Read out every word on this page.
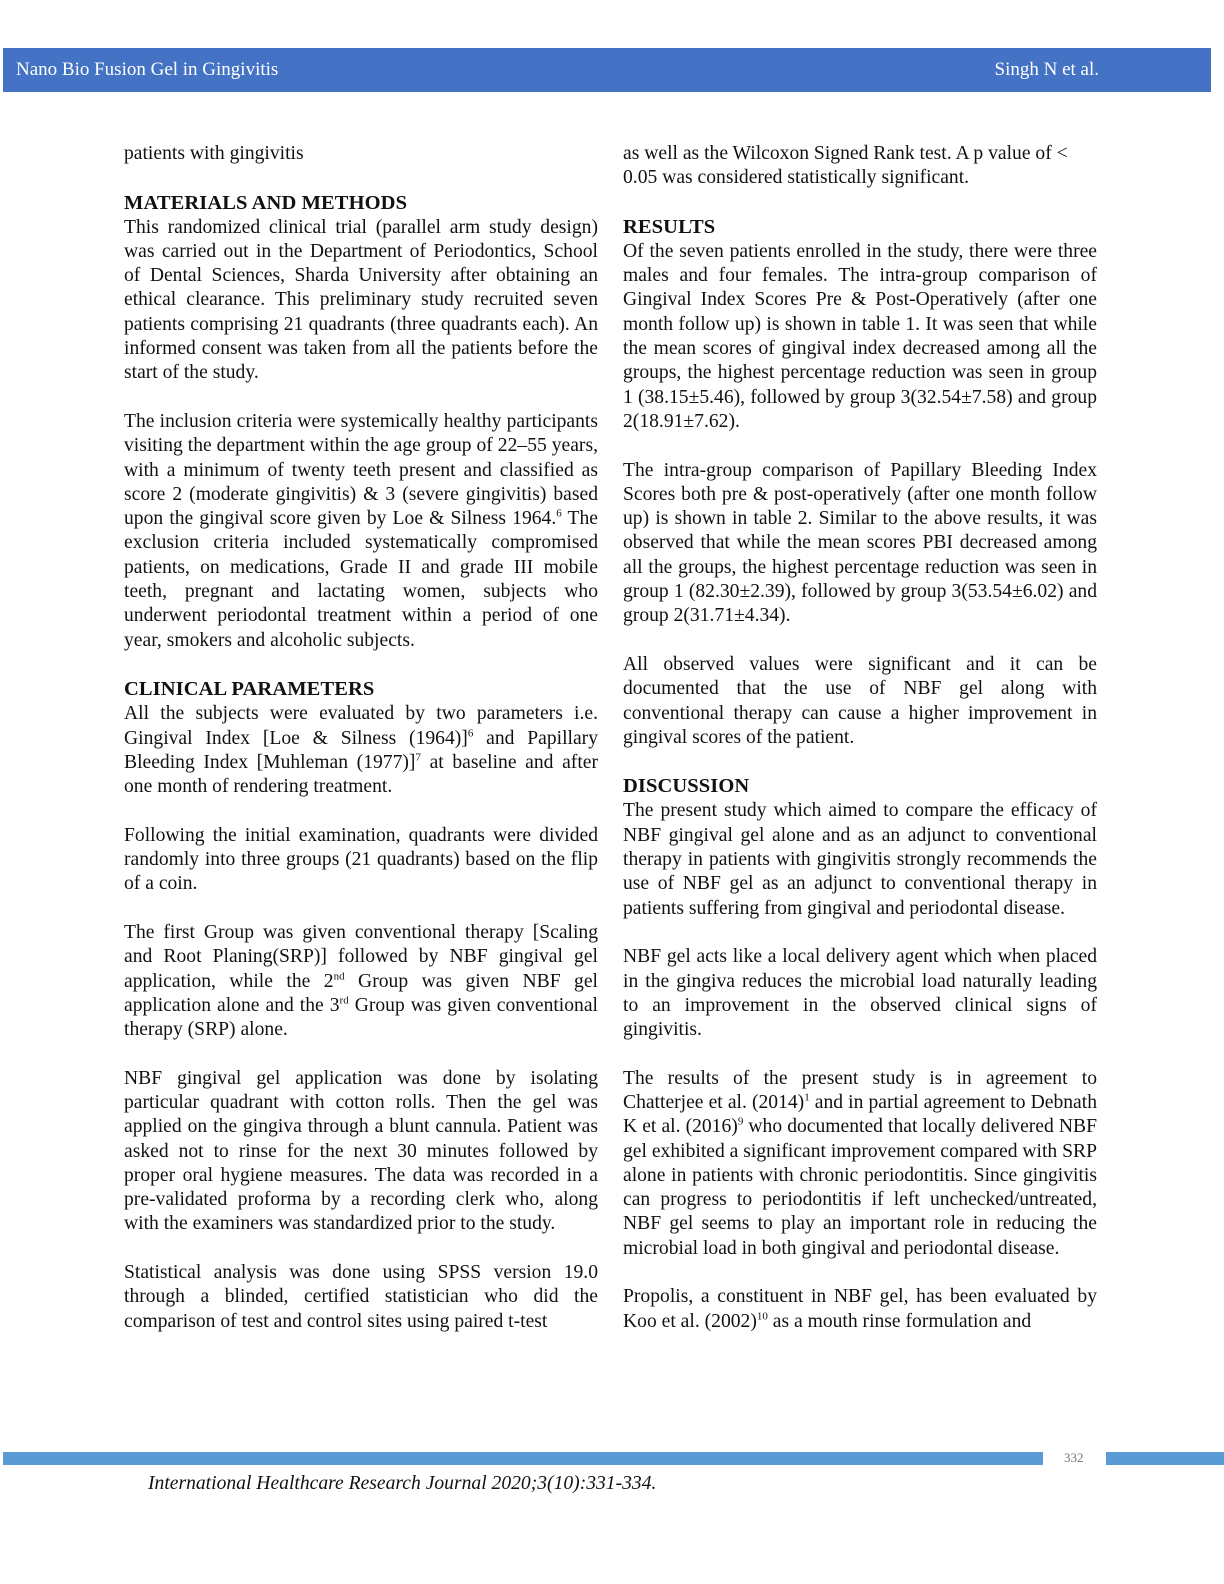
Nano Bio Fusion Gel in Gingivitis	Singh N et al.

patients with gingivitis

MATERIALS AND METHODS

This randomized clinical trial (parallel arm study design) was carried out in the Department of Periodontics, School of Dental Sciences, Sharda University after obtaining an ethical clearance. This preliminary study recruited seven patients comprising 21 quadrants (three quadrants each). An informed consent was taken from all the patients before the start of the study.

The inclusion criteria were systemically healthy participants visiting the department within the age group of 22–55 years, with a minimum of twenty teeth present and classified as score 2 (moderate gingivitis) & 3 (severe gingivitis) based upon the gingival score given by Loe & Silness 1964.$^6$ The exclusion criteria included systematically compromised patients, on medications, Grade II and grade III mobile teeth, pregnant and lactating women, subjects who underwent periodontal treatment within a period of one year, smokers and alcoholic subjects.

CLINICAL PARAMETERS

All the subjects were evaluated by two parameters i.e. Gingival Index [Loe & Silness (1964)]$^6$ and Papillary Bleeding Index [Muhleman (1977)]$^7$ at baseline and after one month of rendering treatment.

Following the initial examination, quadrants were divided randomly into three groups (21 quadrants) based on the flip of a coin.

The first Group was given conventional therapy [Scaling and Root Planing(SRP)] followed by NBF gingival gel application, while the 2nd Group was given NBF gel application alone and the 3rd Group was given conventional therapy (SRP) alone.

NBF gingival gel application was done by isolating particular quadrant with cotton rolls. Then the gel was applied on the gingiva through a blunt cannula. Patient was asked not to rinse for the next 30 minutes followed by proper oral hygiene measures. The data was recorded in a pre-validated proforma by a recording clerk who, along with the examiners was standardized prior to the study.

Statistical analysis was done using SPSS version 19.0 through a blinded, certified statistician who did the comparison of test and control sites using paired t-test

as well as the Wilcoxon Signed Rank test. A p value of < 0.05 was considered statistically significant.

RESULTS

Of the seven patients enrolled in the study, there were three males and four females. The intra-group comparison of Gingival Index Scores Pre & Post-Operatively (after one month follow up) is shown in table 1. It was seen that while the mean scores of gingival index decreased among all the groups, the highest percentage reduction was seen in group 1 (38.15±5.46), followed by group 3(32.54±7.58) and group 2(18.91±7.62).

The intra-group comparison of Papillary Bleeding Index Scores both pre & post-operatively (after one month follow up) is shown in table 2. Similar to the above results, it was observed that while the mean scores PBI decreased among all the groups, the highest percentage reduction was seen in group 1 (82.30±2.39), followed by group 3(53.54±6.02) and group 2(31.71±4.34).

All observed values were significant and it can be documented that the use of NBF gel along with conventional therapy can cause a higher improvement in gingival scores of the patient.

DISCUSSION

The present study which aimed to compare the efficacy of NBF gingival gel alone and as an adjunct to conventional therapy in patients with gingivitis strongly recommends the use of NBF gel as an adjunct to conventional therapy in patients suffering from gingival and periodontal disease.

NBF gel acts like a local delivery agent which when placed in the gingiva reduces the microbial load naturally leading to an improvement in the observed clinical signs of gingivitis.

The results of the present study is in agreement to Chatterjee et al. $(2014)^1$ and in partial agreement to Debnath K et al. $(2016)^9$ who documented that locally delivered NBF gel exhibited a significant improvement compared with SRP alone in patients with chronic periodontitis. Since gingivitis can progress to periodontitis if left unchecked/untreated, NBF gel seems to play an important role in reducing the microbial load in both gingival and periodontal disease.

Propolis, a constituent in NBF gel, has been evaluated by Koo et al. $(2002)^{10}$ as a mouth rinse formulation and

332
International Healthcare Research Journal 2020;3(10):331-334.
